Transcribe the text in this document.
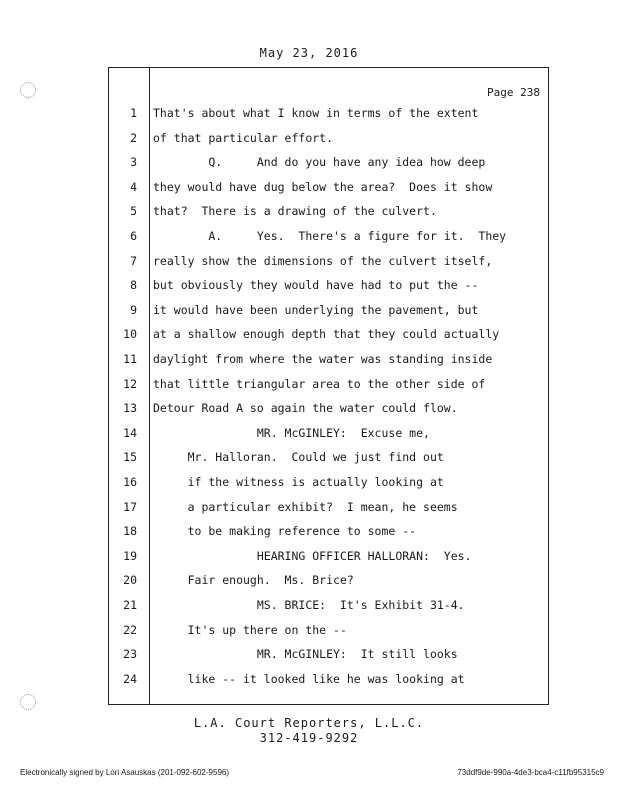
May 23, 2016
Page 238
1 That's about what I know in terms of the extent
2 of that particular effort.
3 Q.     And do you have any idea how deep
4 they would have dug below the area?  Does it show
5 that?  There is a drawing of the culvert.
6 A.     Yes.  There's a figure for it.  They
7 really show the dimensions of the culvert itself,
8 but obviously they would have had to put the --
9 it would have been underlying the pavement, but
10 at a shallow enough depth that they could actually
11 daylight from where the water was standing inside
12 that little triangular area to the other side of
13 Detour Road A so again the water could flow.
14 MR. McGINLEY:  Excuse me,
15 Mr. Halloran.  Could we just find out
16 if the witness is actually looking at
17 a particular exhibit?  I mean, he seems
18 to be making reference to some --
19 HEARING OFFICER HALLORAN:  Yes.
20 Fair enough.  Ms. Brice?
21 MS. BRICE:  It's Exhibit 31-4.
22 It's up there on the --
23 MR. McGINLEY:  It still looks
24 like -- it looked like he was looking at
L.A. Court Reporters, L.L.C.
312-419-9292
Electronically signed by Lori Asauskas (201-092-602-9596)	73ddf9de-990a-4de3-bca4-c11fb95315c9
